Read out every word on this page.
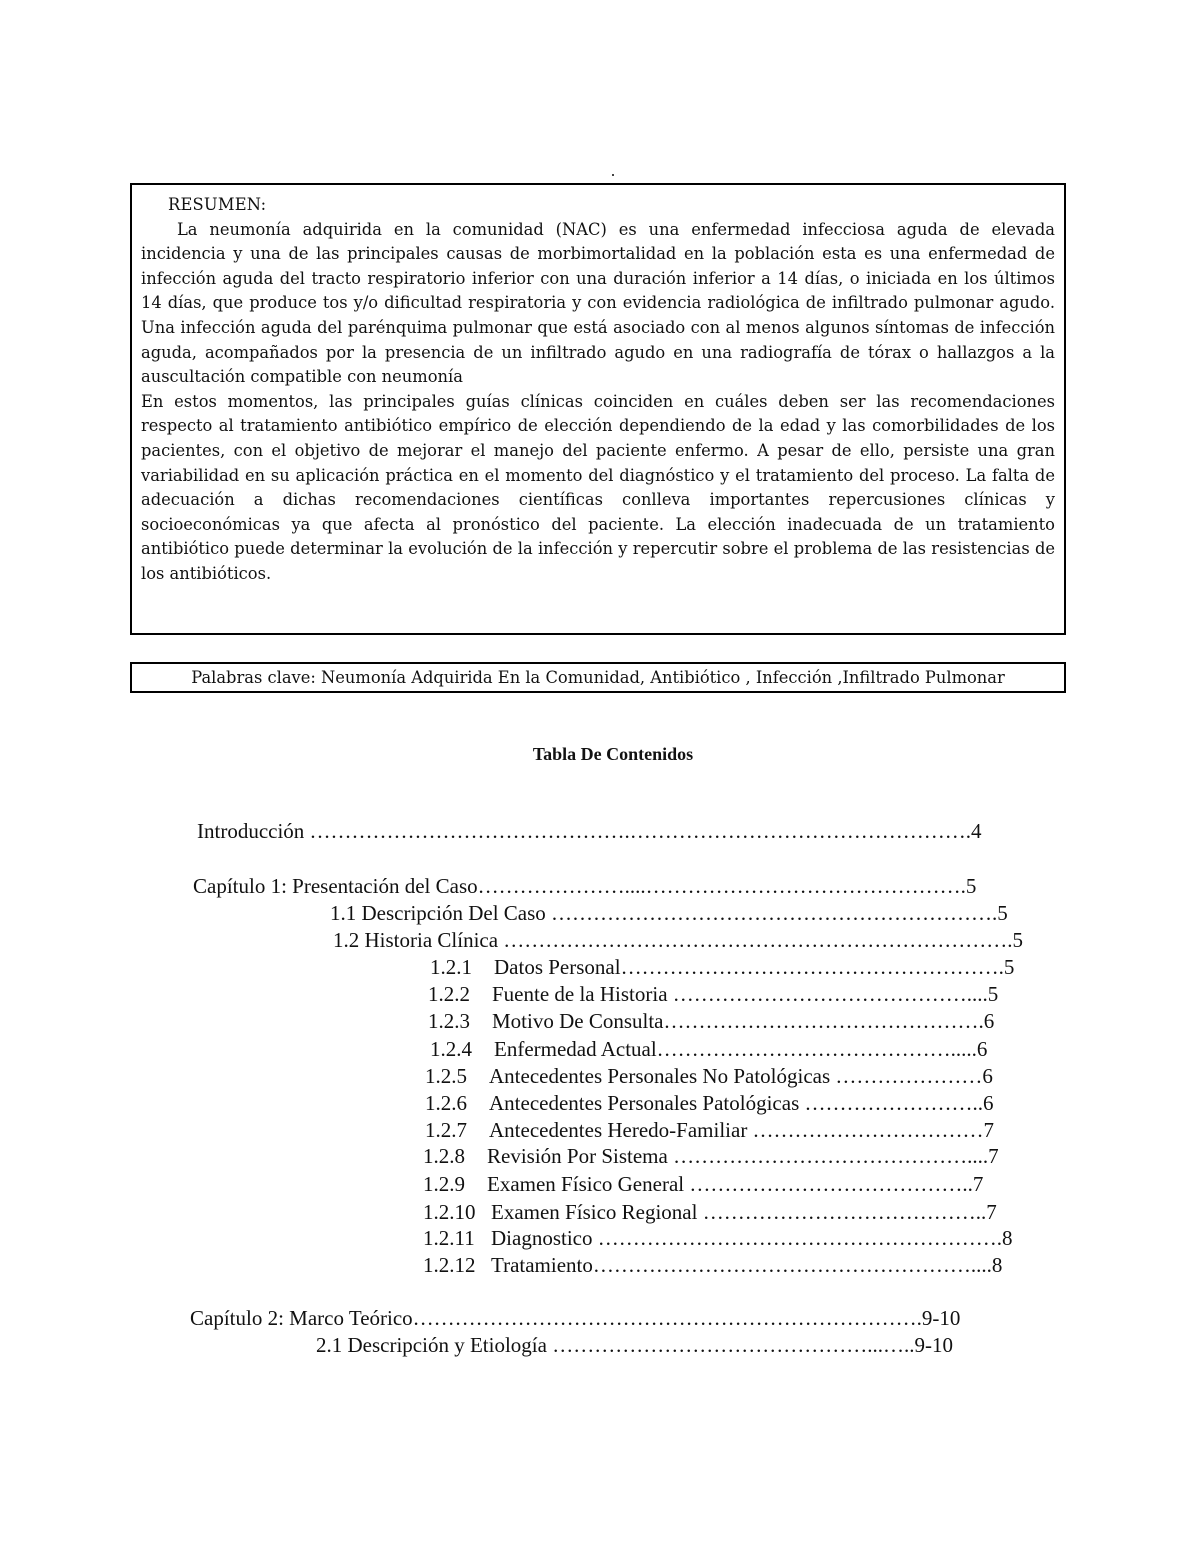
RESUMEN:

La neumonía adquirida en la comunidad (NAC) es una enfermedad infecciosa aguda de elevada incidencia y una de las principales causas de morbimortalidad en la población esta es una enfermedad de infección aguda del tracto respiratorio inferior con una duración inferior a 14 días, o iniciada en los últimos 14 días, que produce tos y/o dificultad respiratoria y con evidencia radiológica de infiltrado pulmonar agudo. Una infección aguda del parénquima pulmonar que está asociado con al menos algunos síntomas de infección aguda, acompañados por la presencia de un infiltrado agudo en una radiografía de tórax o hallazgos a la auscultación compatible con neumonía

En estos momentos, las principales guías clínicas coinciden en cuáles deben ser las recomendaciones respecto al tratamiento antibiótico empírico de elección dependiendo de la edad y las comorbilidades de los pacientes, con el objetivo de mejorar el manejo del paciente enfermo. A pesar de ello, persiste una gran variabilidad en su aplicación práctica en el momento del diagnóstico y el tratamiento del proceso. La falta de adecuación a dichas recomendaciones científicas conlleva importantes repercusiones clínicas y socioeconómicas ya que afecta al pronóstico del paciente. La elección inadecuada de un tratamiento antibiótico puede determinar la evolución de la infección y repercutir sobre el problema de las resistencias de los antibióticos.

Palabras clave: Neumonía Adquirida En la Comunidad, Antibiótico , Infección ,Infiltrado Pulmonar
Tabla De Contenidos
Introducción ……………………………………….………………………………………….4
Capítulo 1: Presentación del Caso…………………....……………………………………….5
1.1 Descripción Del Caso ……………………………………………………….5
1.2 Historia Clínica ……………………………………………………………….5
1.2.1 Datos Personal……………………………………………….5
1.2.2 Fuente de la Historia ……………………………………....5
1.2.3 Motivo De Consulta……………………………………….6
1.2.4 Enfermedad Actual…………………………………….....6
1.2.5 Antecedentes Personales No Patológicas …………………6
1.2.6 Antecedentes Personales Patológicas ……………………..6
1.2.7 Antecedentes Heredo-Familiar ……………………………7
1.2.8 Revisión Por Sistema ……………………………………....7
1.2.9 Examen Físico General …………………………………..7
1.2.10 Examen Físico Regional …………………………………..7
1.2.11 Diagnostico ………………………………………………….8
1.2.12 Tratamiento………………………………………………....8
Capítulo 2: Marco Teórico……………………………………………………………….9-10
2.1 Descripción y Etiología ………………………………………...…..9-10
